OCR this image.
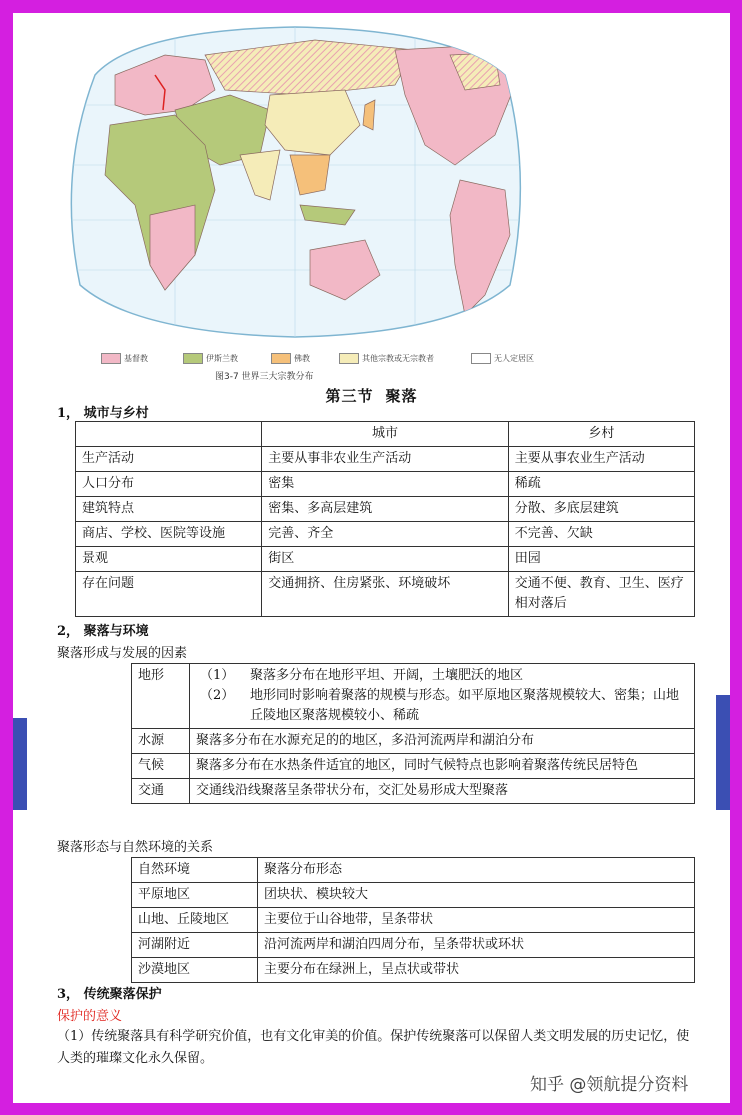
基督教	伊斯兰教	佛教	其他宗教或无宗教者	无人定居区
图3-7 世界三大宗教分布
第三节 聚落
1， 城市与乡村
	城市	乡村
生产活动	主要从事非农业生产活动	主要从事农业生产活动
人口分布	密集	稀疏
建筑特点	密集、多高层建筑	分散、多底层建筑
商店、学校、医院等设施	完善、齐全	不完善、欠缺
景观	街区	田园
存在问题	交通拥挤、住房紧张、环境破坏	交通不便、教育、卫生、医疗相对落后
2， 聚落与环境
聚落形成与发展的因素
地形	（1） 聚落多分布在地形平坦、开阔，土壤肥沃的地区
（2） 地形同时影响着聚落的规模与形态。如平原地区聚落规模较大、密集；山地丘陵地区聚落规模较小、稀疏

水源	聚落多分布在水源充足的的地区，多沿河流两岸和湖泊分布
气候	聚落多分布在水热条件适宜的地区，同时气候特点也影响着聚落传统民居特色
交通	交通线沿线聚落呈条带状分布，交汇处易形成大型聚落
聚落形态与自然环境的关系
自然环境	聚落分布形态
平原地区	团块状、模块较大
山地、丘陵地区	主要位于山谷地带，呈条带状
河湖附近	沿河流两岸和湖泊四周分布，呈条带状或环状
沙漠地区	主要分布在绿洲上，呈点状或带状
3， 传统聚落保护
保护的意义
（1）传统聚落具有科学研究价值，也有文化审美的价值。保护传统聚落可以保留人类文明发展的历史记忆，使人类的璀璨文化永久保留。
知乎 @领航提分资料
